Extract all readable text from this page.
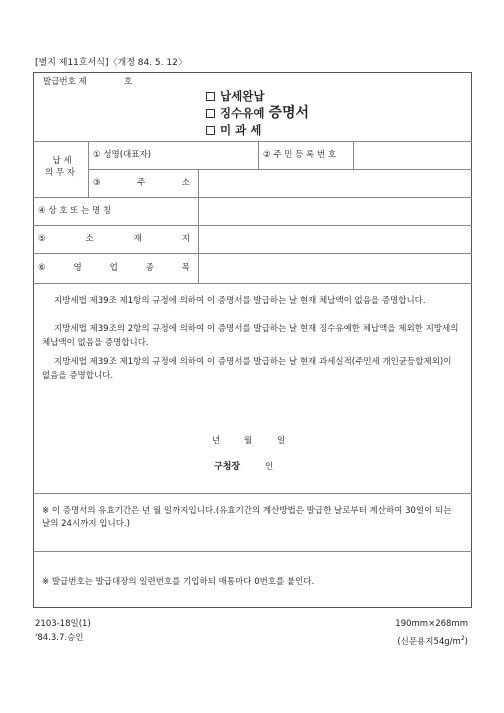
[별지 제11호서식]〈개정 84. 5. 12〉
발급번호 제	호
납세완납
징수유예 증명서
미 과 세
납 세
의 무 자
① 성명(대표자)	② 주 민 등 록 번 호
③	주	소
④ 상 호 또 는 명 칭
⑤	소	재	지
⑥	영	업	종	목

지방세법 제39조 제1항의 규정에 의하여 이 증명서를 발급하는 날 현재 체납액이 없음을 증명합니다.

지방세법 제39조의 2항의 규정에 의하여 이 증명서를 발급하는 날 현재 징수유예한 체납액을 제외한 지방세의 체납액이 없음을 증명합니다.

지방세법 제39조 제1항의 규정에 의하여 이 증명서를 발급하는 날 현재 과세실적(주민세 개인균등할제외)이 없음을 증명합니다.

년	월	일
구청장	인

※ 이 증명서의 유효기간은 년 월 일까지입니다.(유효기간의 계산방법은 발급한 날로부터 계산하여 30일이 되는 날의 24시까지 입니다.)

※ 발급번호는 발급대장의 일련번호를 기입하되 매통마다 0번호를 붙인다.

2103-18일(1)
'84.3.7.승인
190mm×268mm
(신문용지$54g/m^2$)
